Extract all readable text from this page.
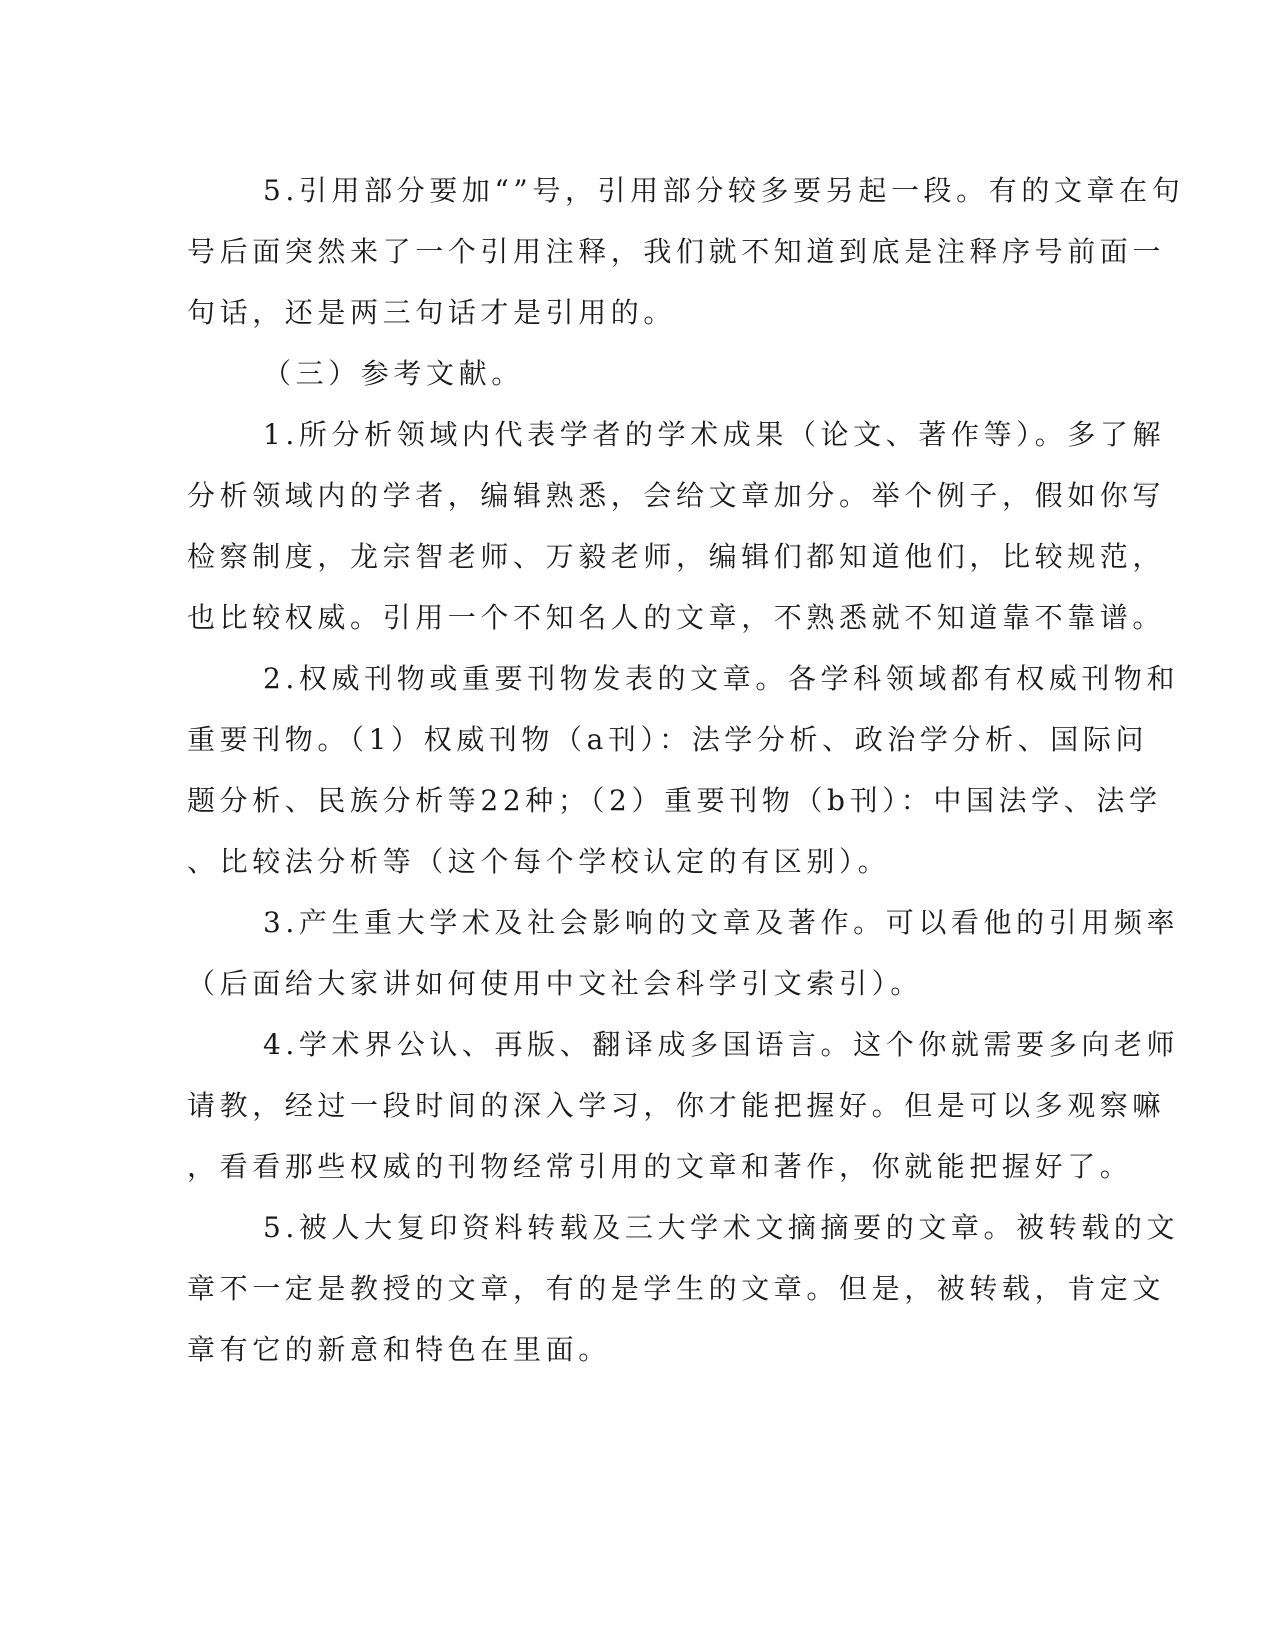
5.引用部分要加“”号，引用部分较多要另起一段。有的文章在句
号后面突然来了一个引用注释，我们就不知道到底是注释序号前面一
句话，还是两三句话才是引用的。
（三）参考文献。
1.所分析领域内代表学者的学术成果（论文、著作等）。多了解
分析领域内的学者，编辑熟悉，会给文章加分。举个例子，假如你写
检察制度，龙宗智老师、万毅老师，编辑们都知道他们，比较规范，
也比较权威。引用一个不知名人的文章，不熟悉就不知道靠不靠谱。
2.权威刊物或重要刊物发表的文章。各学科领域都有权威刊物和
重要刊物。（1）权威刊物（a刊）：法学分析、政治学分析、国际问
题分析、民族分析等22种；（2）重要刊物（b刊）：中国法学、法学
、比较法分析等（这个每个学校认定的有区别）。
3.产生重大学术及社会影响的文章及著作。可以看他的引用频率
（后面给大家讲如何使用中文社会科学引文索引）。
4.学术界公认、再版、翻译成多国语言。这个你就需要多向老师
请教，经过一段时间的深入学习，你才能把握好。但是可以多观察嘛
，看看那些权威的刊物经常引用的文章和著作，你就能把握好了。
5.被人大复印资料转载及三大学术文摘摘要的文章。被转载的文
章不一定是教授的文章，有的是学生的文章。但是，被转载，肯定文
章有它的新意和特色在里面。
